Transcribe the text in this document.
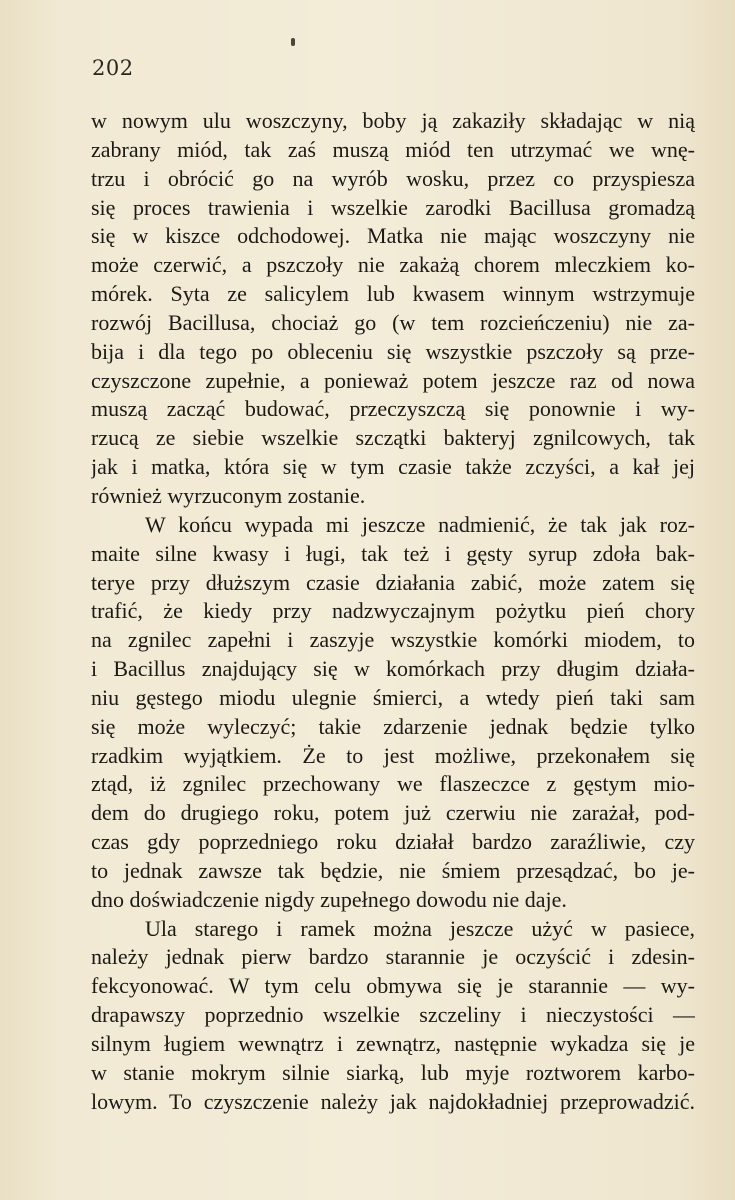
202
w nowym ulu woszczyny, boby ją zakaziły składając w nią
zabrany miód, tak zaś muszą miód ten utrzymać we wnę-
trzu i obrócić go na wyrób wosku, przez co przyspiesza
się proces trawienia i wszelkie zarodki Bacillusa gromadzą
się w kiszce odchodowej. Matka nie mając woszczyny nie
może czerwić, a pszczoły nie zakażą chorem mleczkiem ko-
mórek. Syta ze salicylem lub kwasem winnym wstrzymuje
rozwój Bacillusa, chociaż go (w tem rozcieńczeniu) nie za-
bija i dla tego po obleceniu się wszystkie pszczoły są prze-
czyszczone zupełnie, a ponieważ potem jeszcze raz od nowa
muszą zacząć budować, przeczyszczą się ponownie i wy-
rzucą ze siebie wszelkie szczątki bakteryj zgnilcowych, tak
jak i matka, która się w tym czasie także zczyści, a kał jej
również wyrzuconym zostanie.
W końcu wypada mi jeszcze nadmienić, że tak jak roz-
maite silne kwasy i ługi, tak też i gęsty syrup zdoła bak-
terye przy dłuższym czasie działania zabić, może zatem się
trafić, że kiedy przy nadzwyczajnym pożytku pień chory
na zgnilec zapełni i zaszyje wszystkie komórki miodem, to
i Bacillus znajdujący się w komórkach przy długim działa-
niu gęstego miodu ulegnie śmierci, a wtedy pień taki sam
się może wyleczyć; takie zdarzenie jednak będzie tylko
rzadkim wyjątkiem. Że to jest możliwe, przekonałem się
ztąd, iż zgnilec przechowany we flaszeczce z gęstym mio-
dem do drugiego roku, potem już czerwiu nie zarażał, pod-
czas gdy poprzedniego roku działał bardzo zaraźliwie, czy
to jednak zawsze tak będzie, nie śmiem przesądzać, bo je-
dno doświadczenie nigdy zupełnego dowodu nie daje.
Ula starego i ramek można jeszcze użyć w pasiece,
należy jednak pierw bardzo starannie je oczyścić i zdesin-
fekcyonować. W tym celu obmywa się je starannie — wy-
drapawszy poprzednio wszelkie szczeliny i nieczystości —
silnym ługiem wewnątrz i zewnątrz, następnie wykadza się je
w stanie mokrym silnie siarką, lub myje roztworem karbo-
lowym. To czyszczenie należy jak najdokładniej przeprowadzić.
